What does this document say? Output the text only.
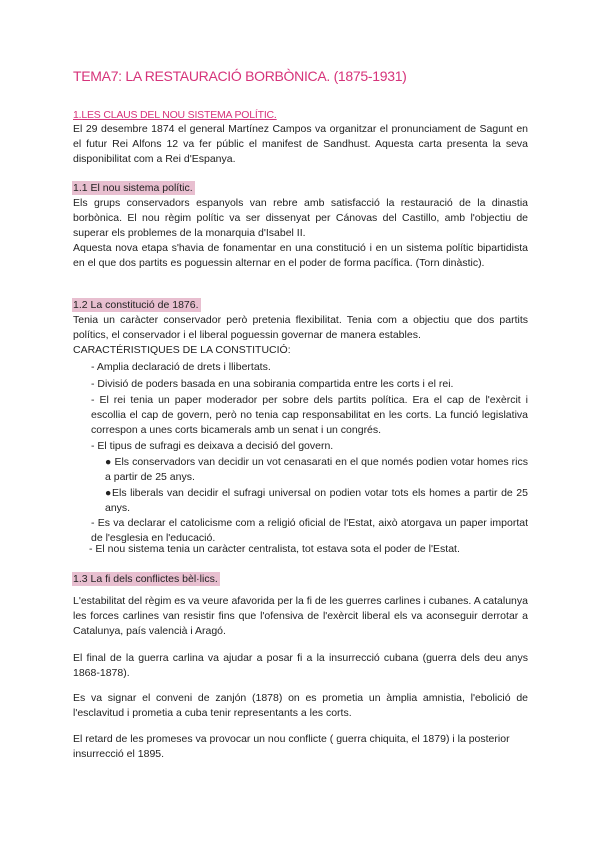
TEMA7: LA RESTAURACIÓ BORBÒNICA. (1875-1931)
1.LES CLAUS DEL NOU SISTEMA POLÍTIC.

El 29 desembre 1874 el general Martínez Campos va organitzar el pronunciament de Sagunt en el futur Rei Alfons 12 va fer públic el manifest de Sandhust. Aquesta carta presenta la seva disponibilitat com a Rei d'Espanya.

1.1 El nou sistema polític.

Els grups conservadors espanyols van rebre amb satisfacció la restauració de la dinastia borbònica. El nou règim polític va ser dissenyat per Cánovas del Castillo, amb l'objectiu de superar els problemes de la monarquia d'Isabel II.

Aquesta nova etapa s'havia de fonamentar en una constitució i en un sistema polític bipartidista en el que dos partits es poguessin alternar en el poder de forma pacífica. (Torn dinàstic).

1.2 La constitució de 1876.

Tenia un caràcter conservador però pretenia flexibilitat. Tenia com a objectiu que dos partits polítics, el conservador i el liberal poguessin governar de manera estables.

CARACTÉRISTIQUES DE LA CONSTITUCIÓ:

- Amplia declaració de drets i llibertats.

- Divisió de poders basada en una sobirania compartida entre les corts i el rei.

- El rei tenia un paper moderador per sobre dels partits política. Era el cap de l'exèrcit i escollia el cap de govern, però no tenia cap responsabilitat en les corts. La funció legislativa correspon a unes corts bicamerals amb un senat i un congrés.

- El tipus de sufragi es deixava a decisió del govern.

● Els conservadors van decidir un vot cenasarati en el que només podien votar homes rics a partir de 25 anys.

●Els liberals van decidir el sufragi universal on podien votar tots els homes a partir de 25 anys.

- Es va declarar el catolicisme com a religió oficial de l'Estat, això atorgava un paper importat de l'esglesia en l'educació.

- El nou sistema tenia un caràcter centralista, tot estava sota el poder de l'Estat.

1.3 La fi dels conflictes bèl·lics.

L'estabilitat del règim es va veure afavorida per la fi de les guerres carlines i cubanes. A catalunya les forces carlines van resistir fins que l'ofensiva de l'exèrcit liberal els va aconseguir derrotar a Catalunya, país valencià i Aragó.

El final de la guerra carlina va ajudar a posar fi a la insurrecció cubana (guerra dels deu anys 1868-1878).

Es va signar el conveni de zanjón (1878) on es prometia un àmplia amnistia, l'ebolició de l'esclavitud i prometia a cuba tenir representants a les corts.

El retard de les promeses va provocar un nou conflicte ( guerra chiquita, el 1879) i la posterior insurrecció el 1895.
